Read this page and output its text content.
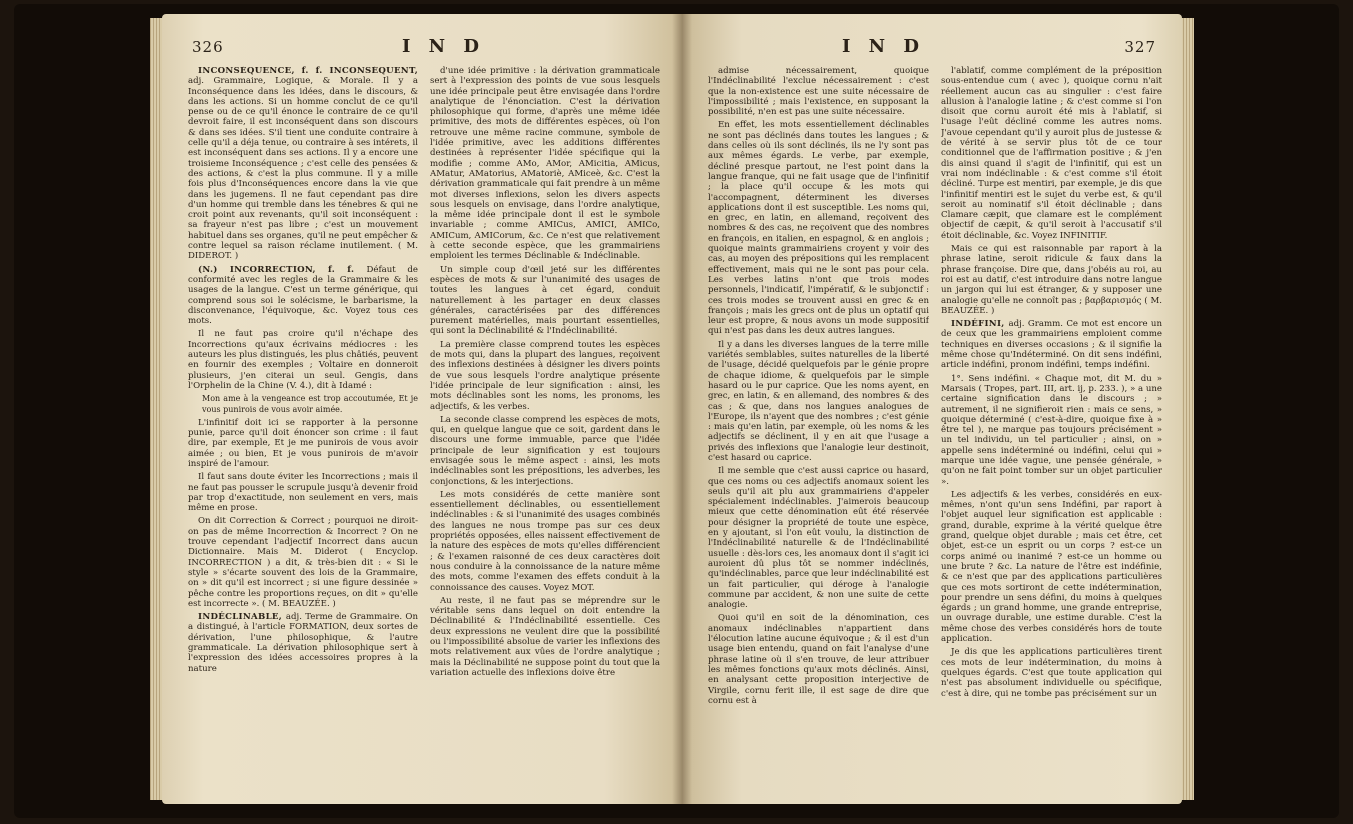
326	I N D

INCONSÉQUENCE, f. f. INCONSÉQUENT, adj. Grammaire, Logique, & Morale. Il y a Inconséquence dans les idées, dans le discours, & dans les actions. Si un homme conclut de ce qu'il pense ou de ce qu'il énonce le contraire de ce qu'il devroit faire, il est inconséquent dans son discours & dans ses idées. S'il tient une conduite contraire à celle qu'il a déja tenue, ou contraire à ses intérets, il est inconséquent dans ses actions. Il y a encore une troisieme Inconséquence ; c'est celle des pensées & des actions, & c'est la plus commune. Il y a mille fois plus d'Inconséquences encore dans la vie que dans les jugemens. Il ne faut cependant pas dire d'un homme qui tremble dans les ténebres & qui ne croit point aux revenants, qu'il soit inconséquent : sa frayeur n'est pas libre ; c'est un mouvement habituel dans ses organes, qu'il ne peut empêcher & contre lequel sa raison réclame inutilement. ( M. DIDEROT. )

(N.) INCORRECTION, f. f. Défaut de conformité avec les regles de la Grammaire & les usages de la langue. C'est un terme générique, qui comprend sous soi le solécisme, le barbarisme, la disconvenance, l'équivoque, &c. Voyez tous ces mots.

Il ne faut pas croire qu'il n'échape des Incorrections qu'aux écrivains médiocres : les auteurs les plus distingués, les plus châtiés, peuvent en fournir des exemples ; Voltaire en donneroit plusieurs, j'en citerai un seul. Gengis, dans l'Orphelin de la Chine (V. 4.), dit à Idamé :

Mon ame à la vengeance est trop accoutumée, Et je vous punirois de vous avoir aimée.

L'infinitif doit ici se rapporter à la personne punie, parce qu'il doit énoncer son crime : il faut dire, par exemple, Et je me punirois de vous avoir aimée ; ou bien, Et je vous punirois de m'avoir inspiré de l'amour.

Il faut sans doute éviter les Incorrections ; mais il ne faut pas pousser le scrupule jusqu'à devenir froid par trop d'exactitude, non seulement en vers, mais même en prose.

On dit Correction & Correct ; pourquoi ne diroit-on pas de même Incorrection & Incorrect ? On ne trouve cependant l'adjectif Incorrect dans aucun Dictionnaire. Mais M. Diderot ( Encyclop. INCORRECTION ) a dit, & très-bien dit : « Si le style » s'écarte souvent des lois de la Grammaire, on » dit qu'il est incorrect ; si une figure dessinée » pêche contre les proportions reçues, on dit » qu'elle est incorrecte ». ( M. BEAUZÉE. )

INDÉCLINABLE, adj. Terme de Grammaire. On a distingué, à l'article FORMATION, deux sortes de dérivation, l'une philosophique, & l'autre grammaticale. La dérivation philosophique sert à l'expression des idées accessoires propres à la nature

d'une idée primitive : la dérivation grammaticale sert à l'expression des points de vue sous lesquels une idée principale peut être envisagée dans l'ordre analytique de l'énonciation. C'est la dérivation philosophique qui forme, d'après une même idée primitive, des mots de différentes espèces, où l'on retrouve une même racine commune, symbole de l'idée primitive, avec les additions différentes destinées à représenter l'idée spécifique qui la modifie ; comme AMo, AMor, AMicitia, AMicus, AMatur, AMatorius, AMatoriè, AMiceè, &c. C'est la dérivation grammaticale qui fait prendre à un même mot diverses inflexions, selon les divers aspects sous lesquels on envisage, dans l'ordre analytique, la même idée principale dont il est le symbole invariable ; comme AMICus, AMICI, AMICo, AMICum, AMICorum, &c. Ce n'est que relativement à cette seconde espèce, que les grammairiens emploient les termes Déclinable & Indéclinable.

Un simple coup d'œil jeté sur les différentes espèces de mots & sur l'unanimité des usages de toutes les langues à cet égard, conduit naturellement à les partager en deux classes générales, caractérisées par des différences purement matérielles, mais pourtant essentielles, qui sont la Déclinabilité & l'Indéclinabilité.

La première classe comprend toutes les espèces de mots qui, dans la plupart des langues, reçoivent des inflexions destinées à désigner les divers points de vue sous lesquels l'ordre analytique présente l'idée principale de leur signification : ainsi, les mots déclinables sont les noms, les pronoms, les adjectifs, & les verbes.

La seconde classe comprend les espèces de mots, qui, en quelque langue que ce soit, gardent dans le discours une forme immuable, parce que l'idée principale de leur signification y est toujours envisagée sous le même aspect : ainsi, les mots indéclinables sont les prépositions, les adverbes, les conjonctions, & les interjections.

Les mots considérés de cette manière sont essentiellement déclinables, ou essentiellement indéclinables : & si l'unanimité des usages combinés des langues ne nous trompe pas sur ces deux propriétés opposées, elles naissent effectivement de la nature des espèces de mots qu'elles différencient ; & l'examen raisonné de ces deux caractères doit nous conduire à la connoissance de la nature même des mots, comme l'examen des effets conduit à la connoissance des causes. Voyez MOT.

Au reste, il ne faut pas se méprendre sur le véritable sens dans lequel on doit entendre la Déclinabilité & l'Indéclinabilité essentielle. Ces deux expressions ne veulent dire que la possibilité ou l'impossibilité absolue de varier les inflexions des mots relativement aux vûes de l'ordre analytique ; mais la Déclinabilité ne suppose point du tout que la variation actuelle des inflexions doive être

I N D	327

admise nécessairement, quoique l'Indéclinabilité l'exclue nécessairement : c'est que la non-existence est une suite nécessaire de l'impossibilité ; mais l'existence, en supposant la possibilité, n'en est pas une suite nécessaire.

En effet, les mots essentiellement déclinables ne sont pas déclinés dans toutes les langues ; & dans celles où ils sont déclinés, ils ne l'y sont pas aux mêmes égards. Le verbe, par exemple, décliné presque partout, ne l'est point dans la langue franque, qui ne fait usage que de l'infinitif ; la place qu'il occupe & les mots qui l'accompagnent, déterminent les diverses applications dont il est susceptible. Les noms qui, en grec, en latin, en allemand, reçoivent des nombres & des cas, ne reçoivent que des nombres en françois, en italien, en espagnol, & en anglois ; quoique maints grammairiens croyent y voir des cas, au moyen des prépositions qui les remplacent effectivement, mais qui ne le sont pas pour cela. Les verbes latins n'ont que trois modes personnels, l'indicatif, l'impératif, & le subjonctif : ces trois modes se trouvent aussi en grec & en françois ; mais les grecs ont de plus un optatif qui leur est propre, & nous avons un mode suppositif qui n'est pas dans les deux autres langues.

Il y a dans les diverses langues de la terre mille variétés semblables, suites naturelles de la liberté de l'usage, décidé quelquefois par le génie propre de chaque idiome, & quelquefois par le simple hasard ou le pur caprice. Que les noms ayent, en grec, en latin, & en allemand, des nombres & des cas ; & que, dans nos langues analogues de l'Europe, ils n'ayent que des nombres ; c'est génie : mais qu'en latin, par exemple, où les noms & les adjectifs se déclinent, il y en ait que l'usage a privés des inflexions que l'analogie leur destinoit, c'est hasard ou caprice.

Il me semble que c'est aussi caprice ou hasard, que ces noms ou ces adjectifs anomaux soient les seuls qu'il ait plu aux grammairiens d'appeler spécialement indéclinables. J'aimerois beaucoup mieux que cette dénomination eût été réservée pour désigner la propriété de toute une espèce, en y ajoutant, si l'on eût voulu, la distinction de l'Indéclinabilité naturelle & de l'Indéclinabilité usuelle : dès-lors ces, les anomaux dont il s'agit ici auroient dû plus tôt se nommer indéclinés, qu'indéclinables, parce que leur indéclinabilité est un fait particulier, qui déroge à l'analogie commune par accident, & non une suite de cette analogie.

Quoi qu'il en soit de la dénomination, ces anomaux indéclinables n'appartient dans l'élocution latine aucune équivoque ; & il est d'un usage bien entendu, quand on fait l'analyse d'une phrase latine où il s'en trouve, de leur attribuer les mêmes fonctions qu'aux mots déclinés. Ainsi, en analysant cette proposition interjective de Virgile, cornu ferit ille, il est sage de dire que cornu est à

l'ablatif, comme complément de la préposition sous-entendue cum ( avec ), quoique cornu n'ait réellement aucun cas au singulier : c'est faire allusion à l'analogie latine ; & c'est comme si l'on disoit que cornu auroit été mis à l'ablatif, si l'usage l'eût décliné comme les autres noms. J'avoue cependant qu'il y auroit plus de justesse & de vérité à se servir plus tôt de ce tour conditionnel que de l'affirmation positive ; & j'en dis ainsi quand il s'agit de l'infinitif, qui est un vrai nom indéclinable : & c'est comme s'il étoit décliné. Turpe est mentiri, par exemple, je dis que l'infinitif mentiri est le sujet du verbe est, & qu'il seroit au nominatif s'il étoit déclinable ; dans Clamare cæpit, que clamare est le complément objectif de cæpit, & qu'il seroit à l'accusatif s'il étoit déclinable, &c. Voyez INFINITIF.

Mais ce qui est raisonnable par raport à la phrase latine, seroit ridicule & faux dans la phrase françoise. Dire que, dans j'obéis au roi, au roi est au datif, c'est introduire dans notre langue un jargon qui lui est étranger, & y supposer une analogie qu'elle ne connoît pas ; βαρβαρισμός ( M. BEAUZÉE. )

INDÉFINI, adj. Gramm. Ce mot est encore un de ceux que les grammairiens emploient comme techniques en diverses occasions ; & il signifie la même chose qu'Indéterminé. On dit sens indéfini, article indéfini, pronom indéfini, temps indéfini.

1°. Sens indéfini. « Chaque mot, dit M. du » Marsais ( Tropes, part. III, art. ij, p. 233. ), » a une certaine signification dans le discours ; » autrement, il ne signifieroit rien : mais ce sens, » quoique déterminé ( c'est-à-dire, quoique fixe à » être tel ), ne marque pas toujours précisément » un tel individu, un tel particulier ; ainsi, on » appelle sens indéterminé ou indéfini, celui qui » marque une idée vague, une pensée générale, » qu'on ne fait point tomber sur un objet particulier ».

Les adjectifs & les verbes, considérés en eux-mêmes, n'ont qu'un sens Indéfini, par raport à l'objet auquel leur signification est applicable : grand, durable, exprime à la vérité quelque être grand, quelque objet durable ; mais cet être, cet objet, est-ce un esprit ou un corps ? est-ce un corps animé ou inanimé ? est-ce un homme ou une brute ? &c. La nature de l'être est indéfinie, & ce n'est que par des applications particulières que ces mots sortiront de cette indétermination, pour prendre un sens défini, du moins à quelques égards ; un grand homme, une grande entreprise, un ouvrage durable, une estime durable. C'est la même chose des verbes considérés hors de toute application.

Je dis que les applications particulières tirent ces mots de leur indétermination, du moins à quelques égards. C'est que toute application qui n'est pas absolument individuelle ou spécifique, c'est à dire, qui ne tombe pas précisément sur un
